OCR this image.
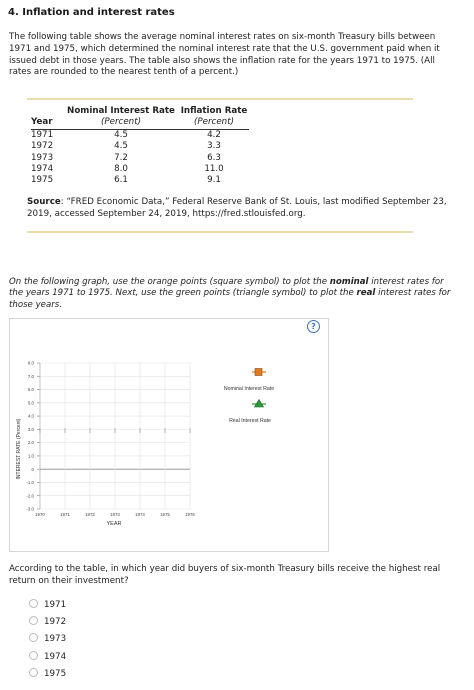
4. Inflation and interest rates
The following table shows the average nominal interest rates on six-month Treasury bills between 1971 and 1975, which determined the nominal interest rate that the U.S. government paid when it issued debt in those years. The table also shows the inflation rate for the years 1971 to 1975. (All rates are rounded to the nearest tenth of a percent.)
	Nominal Interest Rate	Inflation Rate
Year	(Percent)	(Percent)
1971	4.5	4.2
1972	4.5	3.3
1973	7.2	6.3
1974	8.0	11.0
1975	6.1	9.1
Source: “FRED Economic Data,” Federal Reserve Bank of St. Louis, last modified September 23, 2019, accessed September 24, 2019, https://fred.stlouisfed.org.
On the following graph, use the orange points (square symbol) to plot the nominal interest rates for the years 1971 to 1975. Next, use the green points (triangle symbol) to plot the real interest rates for those years.
8.0
7.0
6.0
5.0
4.0
3.0
2.0
1.0
0
-1.0
-2.0
-3.0
1970	1971	1972	1973	1974	1975	1976
INTEREST RATE (Percent)
YEAR
Nominal Interest Rate
Real Interest Rate
?
According to the table, in which year did buyers of six-month Treasury bills receive the highest real return on their investment?
1971
1972
1973
1974
1975
